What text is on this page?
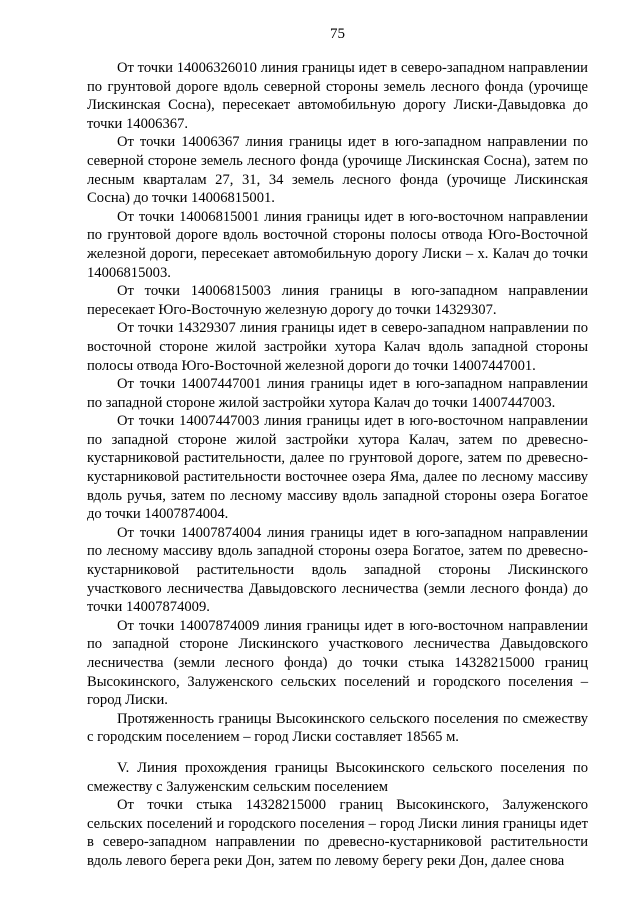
75

От точки 14006326010 линия границы идет в северо-западном направлении по грунтовой дороге вдоль северной стороны земель лесного фонда (урочище Лискинская Сосна), пересекает автомобильную дорогу Лиски-Давыдовка до точки 14006367.

От точки 14006367 линия границы идет в юго-западном направлении по северной стороне земель лесного фонда (урочище Лискинская Сосна), затем по лесным кварталам 27, 31, 34 земель лесного фонда (урочище Лискинская Сосна) до точки 14006815001.

От точки 14006815001 линия границы идет в юго-восточном направлении по грунтовой дороге вдоль восточной стороны полосы отвода Юго-Восточной железной дороги, пересекает автомобильную дорогу Лиски – х. Калач до точки 14006815003.

От точки 14006815003 линия границы в юго-западном направлении пересекает Юго-Восточную железную дорогу до точки 14329307.

От точки 14329307 линия границы идет в северо-западном направлении по восточной стороне жилой застройки хутора Калач вдоль западной стороны полосы отвода Юго-Восточной железной дороги до точки 14007447001.

От точки 14007447001 линия границы идет в юго-западном направлении по западной стороне жилой застройки хутора Калач до точки 14007447003.

От точки 14007447003 линия границы идет в юго-восточном направлении по западной стороне жилой застройки хутора Калач, затем по древесно-кустарниковой растительности, далее по грунтовой дороге, затем по древесно-кустарниковой растительности восточнее озера Яма, далее по лесному массиву вдоль ручья, затем по лесному массиву вдоль западной стороны озера Богатое до точки 14007874004.

От точки 14007874004 линия границы идет в юго-западном направлении по лесному массиву вдоль западной стороны озера Богатое, затем по древесно-кустарниковой растительности вдоль западной стороны Лискинского участкового лесничества Давыдовского лесничества (земли лесного фонда) до точки 14007874009.

От точки 14007874009 линия границы идет в юго-восточном направлении по западной стороне Лискинского участкового лесничества Давыдовского лесничества (земли лесного фонда) до точки стыка 14328215000 границ Высокинского, Залуженского сельских поселений и городского поселения – город Лиски.

Протяженность границы Высокинского сельского поселения по смежеству с городским поселением – город Лиски составляет 18565 м.

V. Линия прохождения границы Высокинского сельского поселения по смежеству с Залуженским сельским поселением

От точки стыка 14328215000 границ Высокинского, Залуженского сельских поселений и городского поселения – город Лиски линия границы идет в северо-западном направлении по древесно-кустарниковой растительности вдоль левого берега реки Дон, затем по левому берегу реки Дон, далее снова
